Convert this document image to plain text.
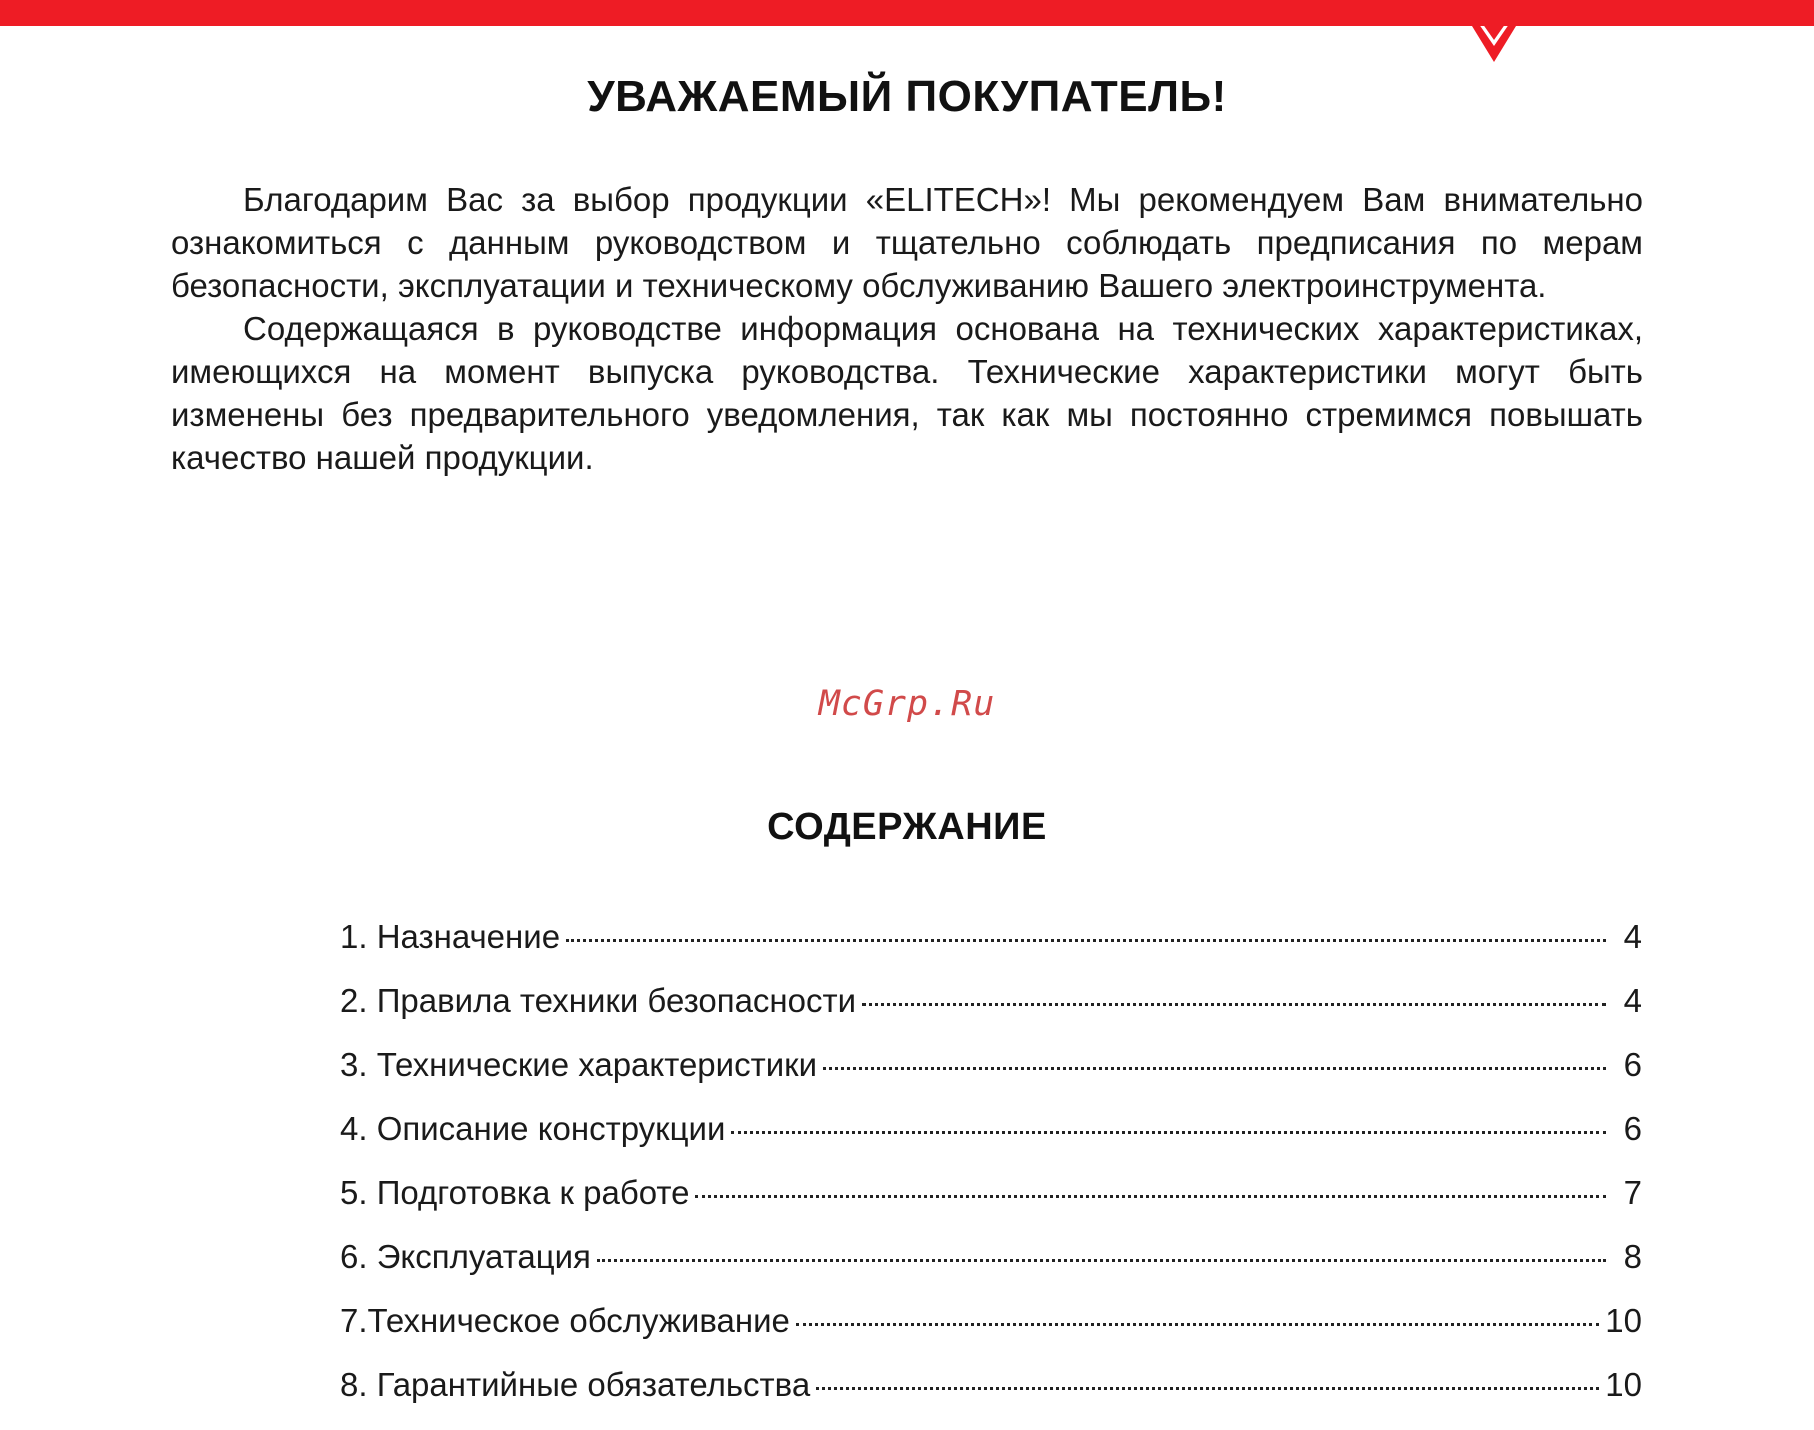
УВАЖАЕМЫЙ ПОКУПАТЕЛЬ!

Благодарим Вас за выбор продукции «ELITECH»! Мы рекомендуем Вам внимательно ознакомиться с данным руководством и тщательно соблюдать предписания по мерам безопасности, эксплуатации и техническому обслуживанию Вашего электроинструмента.

Содержащаяся в руководстве информация основана на технических характеристиках, имеющихся на момент выпуска руководства. Технические характеристики могут быть изменены без предварительного уведомления, так как мы постоянно стремимся повышать качество нашей продукции.

McGrp.Ru
СОДЕРЖАНИЕ
1. Назначение	4
2. Правила техники безопасности	4
3. Технические характеристики	6
4. Описание конструкции	6
5. Подготовка к работе	7
6. Эксплуатация	8
7.Техническое обслуживание	10
8. Гарантийные обязательства	10
